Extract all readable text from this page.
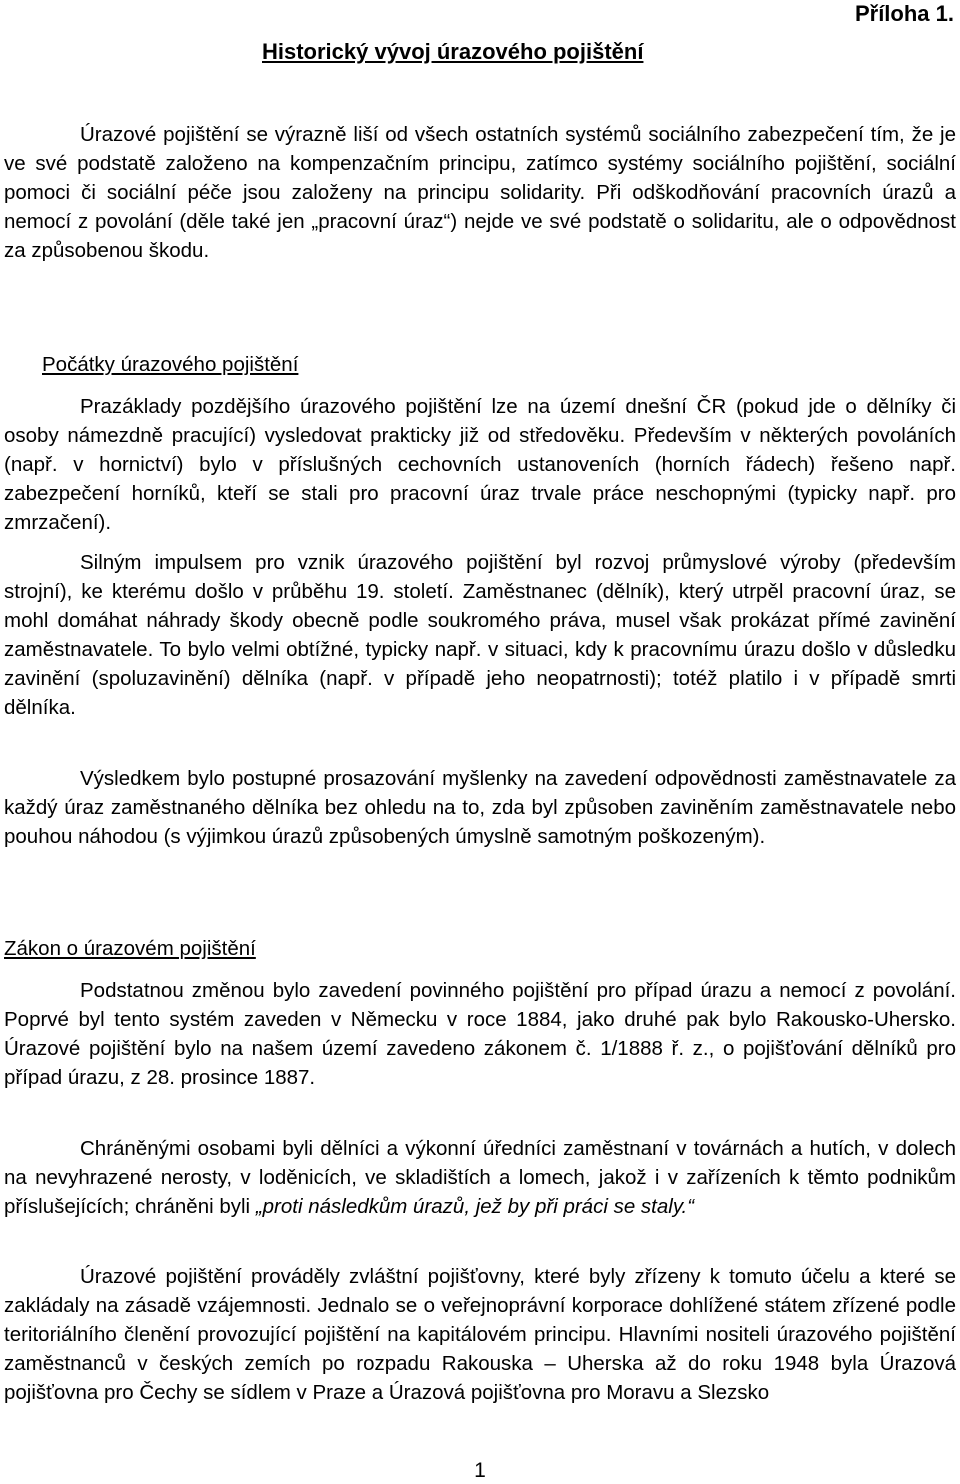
Příloha 1.
Historický vývoj úrazového pojištění

Úrazové pojištění se výrazně liší od všech ostatních systémů sociálního zabezpečení tím, že je ve své podstatě založeno na kompenzačním principu, zatímco systémy sociálního pojištění, sociální pomoci či sociální péče jsou založeny na principu solidarity. Při odškodňování pracovních úrazů a nemocí z povolání (děle také jen „pracovní úraz“) nejde ve své podstatě o solidaritu, ale o odpovědnost za způsobenou škodu.

Počátky úrazového pojištění

Prazáklady pozdějšího úrazového pojištění lze na území dnešní ČR (pokud jde o dělníky či osoby námezdně pracující) vysledovat prakticky již od středověku. Především v některých povoláních (např. v hornictví) bylo v příslušných cechovních ustanoveních (horních řádech) řešeno např. zabezpečení horníků, kteří se stali pro pracovní úraz trvale práce neschopnými (typicky např. pro zmrzačení).

Silným impulsem pro vznik úrazového pojištění byl rozvoj průmyslové výroby (především strojní), ke kterému došlo v průběhu 19. století. Zaměstnanec (dělník), který utrpěl pracovní úraz, se mohl domáhat náhrady škody obecně podle soukromého práva, musel však prokázat přímé zavinění zaměstnavatele. To bylo velmi obtížné, typicky např. v situaci, kdy k pracovnímu úrazu došlo v důsledku zavinění (spoluzavinění) dělníka (např. v případě jeho neopatrnosti); totéž platilo i v případě smrti dělníka.

Výsledkem bylo postupné prosazování myšlenky na zavedení odpovědnosti zaměstnavatele za každý úraz zaměstnaného dělníka bez ohledu na to, zda byl způsoben zaviněním zaměstnavatele nebo pouhou náhodou (s výjimkou úrazů způsobených úmyslně samotným poškozeným).

Zákon o úrazovém pojištění

Podstatnou změnou bylo zavedení povinného pojištění pro případ úrazu a nemocí z povolání. Poprvé byl tento systém zaveden v Německu v roce 1884, jako druhé pak bylo Rakousko-Uhersko. Úrazové pojištění bylo na našem území zavedeno zákonem č. 1/1888 ř. z., o pojišťování dělníků pro případ úrazu, z 28. prosince 1887.

Chráněnými osobami byli dělníci a výkonní úředníci zaměstnaní v továrnách a hutích, v dolech na nevyhrazené nerosty, v loděnicích, ve skladištích a lomech, jakož i v zařízeních k těmto podnikům příslušejících; chráněni byli „proti následkům úrazů, jež by při práci se staly.“

Úrazové pojištění prováděly zvláštní pojišťovny, které byly zřízeny k tomuto účelu a které se zakládaly na zásadě vzájemnosti. Jednalo se o veřejnoprávní korporace dohlížené státem zřízené podle teritoriálního členění provozující pojištění na kapitálovém principu. Hlavními nositeli úrazového pojištění zaměstnanců v českých zemích po rozpadu Rakouska – Uherska až do roku 1948 byla Úrazová pojišťovna pro Čechy se sídlem v Praze a Úrazová pojišťovna pro Moravu a Slezsko

1
